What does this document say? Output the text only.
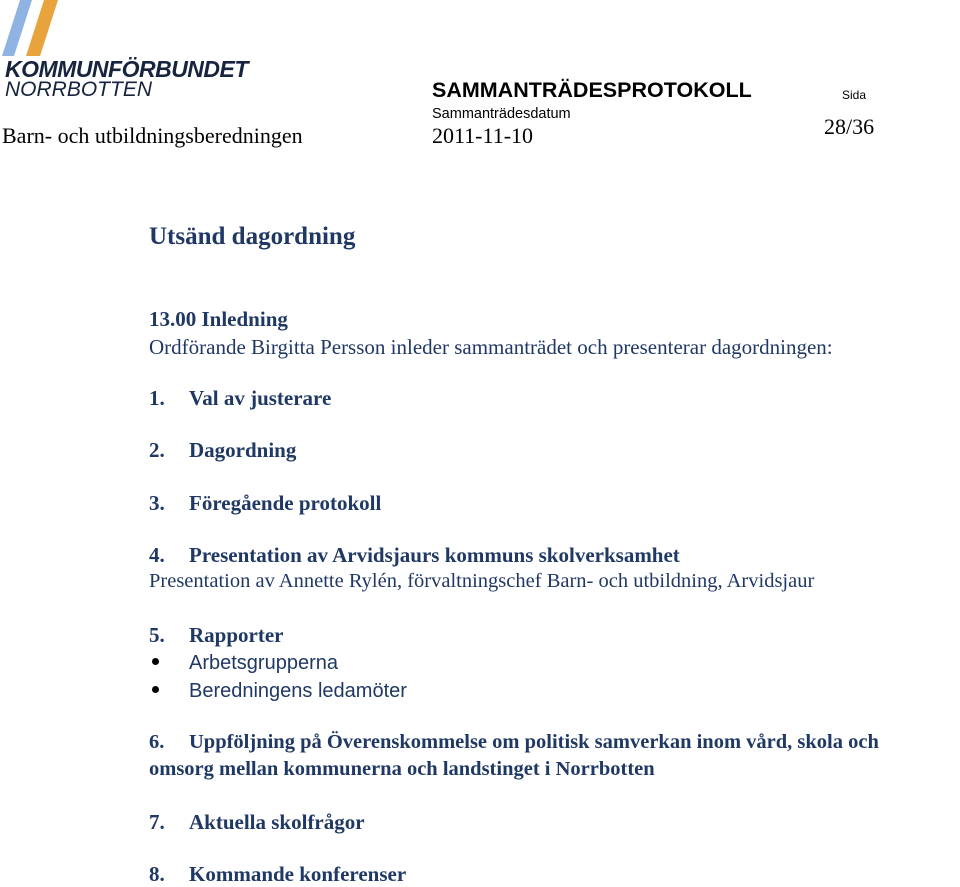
KOMMUNFÖRBUNDET
NORRBOTTEN
Barn- och utbildningsberedningen
SAMMANTRÄDESPROTOKOLL
Sammanträdesdatum
2011-11-10
Sida
28/36
Utsänd dagordning
13.00 Inledning
Ordförande Birgitta Persson inleder sammanträdet och presenterar dagordningen:
1. Val av justerare
2. Dagordning
3. Föregående protokoll
4. Presentation av Arvidsjaurs kommuns skolverksamhet
Presentation av Annette Rylén, förvaltningschef Barn- och utbildning, Arvidsjaur
5. Rapporter
Arbetsgrupperna
Beredningens ledamöter
6. Uppföljning på Överenskommelse om politisk samverkan inom vård, skola och
omsorg mellan kommunerna och landstinget i Norrbotten
7. Aktuella skolfrågor
8. Kommande konferenser
